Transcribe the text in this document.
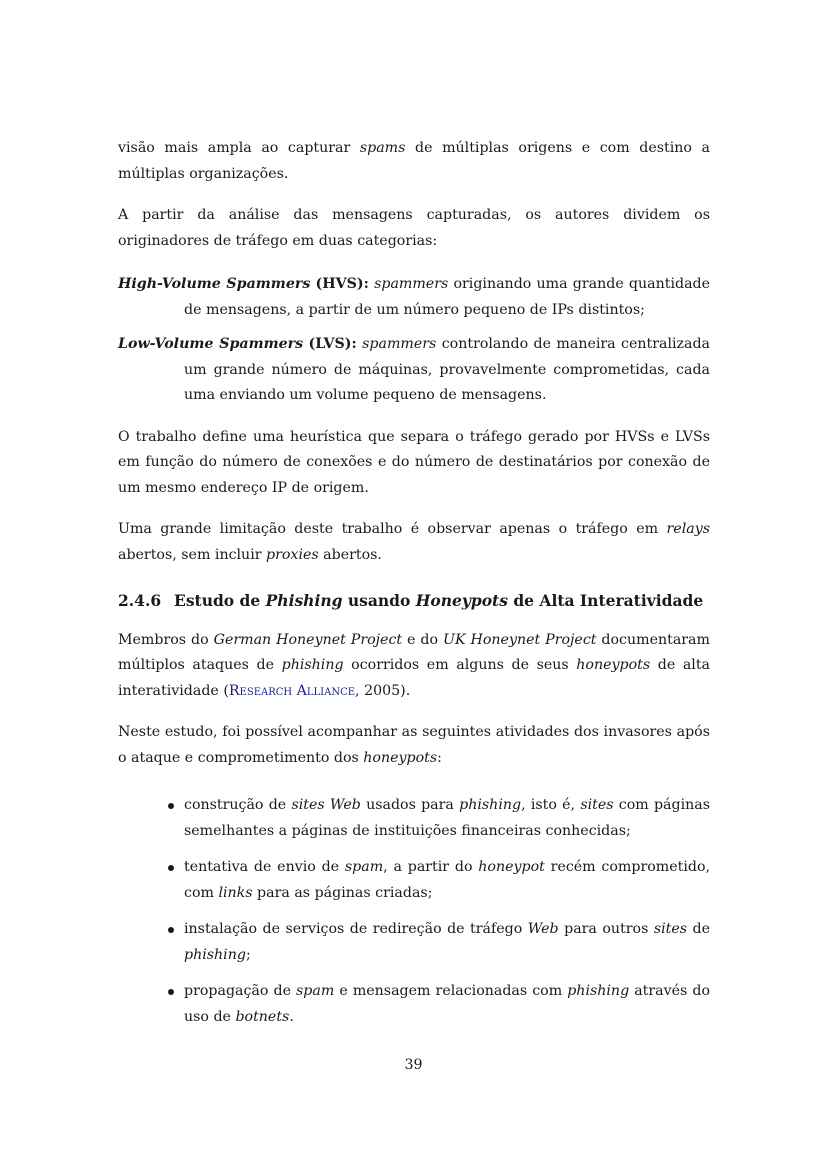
visão mais ampla ao capturar spams de múltiplas origens e com destino a múltiplas organizações.

A partir da análise das mensagens capturadas, os autores dividem os originadores de tráfego em duas categorias:

High-Volume Spammers (HVS): spammers originando uma grande quantidade de mensagens, a partir de um número pequeno de IPs distintos;

Low-Volume Spammers (LVS): spammers controlando de maneira centralizada um grande número de máquinas, provavelmente comprometidas, cada uma enviando um volume pequeno de mensagens.

O trabalho define uma heurística que separa o tráfego gerado por HVSs e LVSs em função do número de conexões e do número de destinatários por conexão de um mesmo endereço IP de origem.

Uma grande limitação deste trabalho é observar apenas o tráfego em relays abertos, sem incluir proxies abertos.

2.4.6 Estudo de Phishing usando Honeypots de Alta Interatividade

Membros do German Honeynet Project e do UK Honeynet Project documentaram múltiplos ataques de phishing ocorridos em alguns de seus honeypots de alta interatividade (Research Alliance, 2005).

Neste estudo, foi possível acompanhar as seguintes atividades dos invasores após o ataque e comprometimento dos honeypots:

construção de sites Web usados para phishing, isto é, sites com páginas semelhantes a páginas de instituições financeiras conhecidas;
tentativa de envio de spam, a partir do honeypot recém comprometido, com links para as páginas criadas;
instalação de serviços de redireção de tráfego Web para outros sites de phishing;
propagação de spam e mensagem relacionadas com phishing através do uso de botnets.
39
